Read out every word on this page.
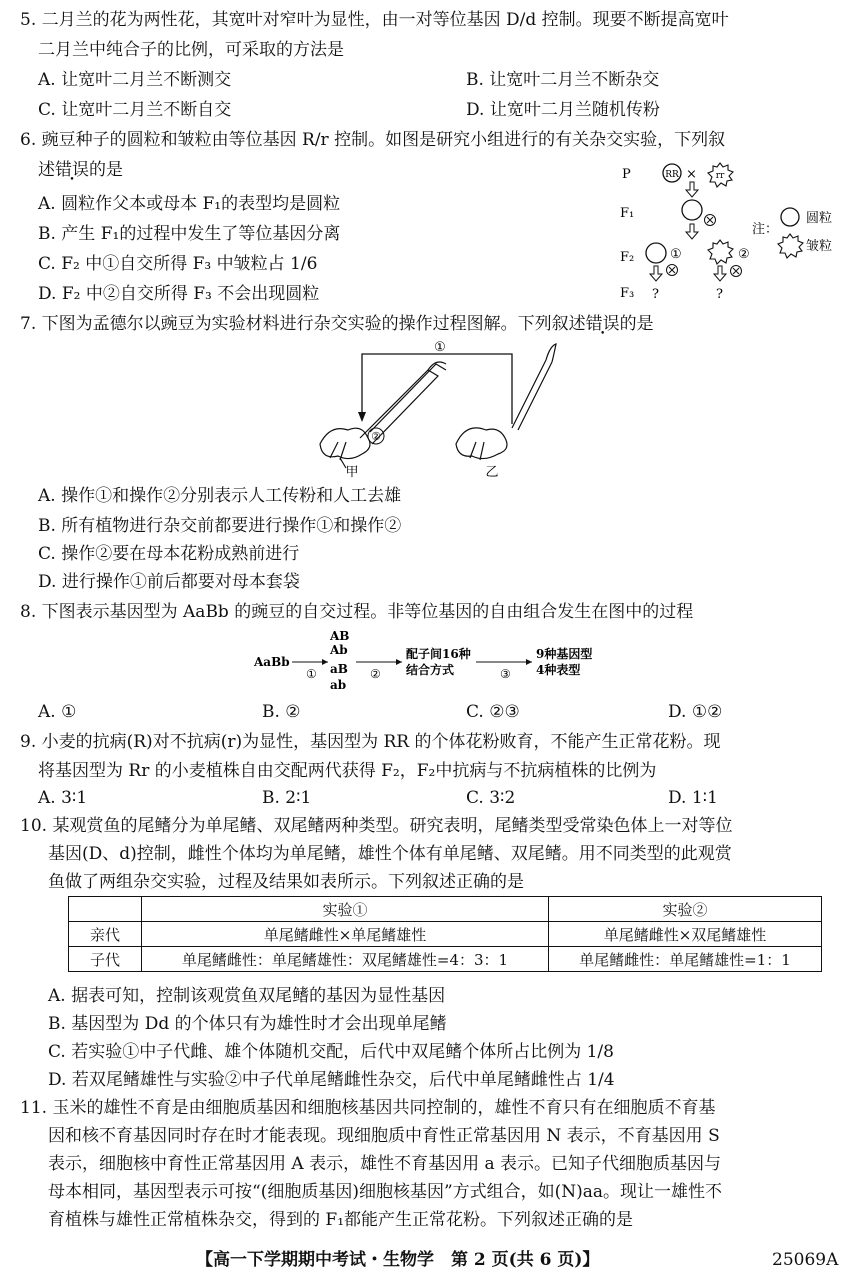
5. 二月兰的花为两性花，其宽叶对窄叶为显性，由一对等位基因 D/d 控制。现要不断提高宽叶
二月兰中纯合子的比例，可采取的方法是
A. 让宽叶二月兰不断测交	B. 让宽叶二月兰不断杂交
C. 让宽叶二月兰不断自交	D. 让宽叶二月兰随机传粉
6. 豌豆种子的圆粒和皱粒由等位基因 R/r 控制。如图是研究小组进行的有关杂交实验，下列叙
述错误的是
A. 圆粒作父本或母本 F₁的表型均是圆粒
B. 产生 F₁的过程中发生了等位基因分离
C. F₂ 中①自交所得 F₃ 中皱粒占 1/6
D. F₂ 中②自交所得 F₃ 不会出现圆粒
P
F₁
F₂
F₃
RR × rr
①	②
?	?
注：
圆粒
皱粒
7. 下图为孟德尔以豌豆为实验材料进行杂交实验的操作过程图解。下列叙述错误的是
①
②
甲	乙
A. 操作①和操作②分别表示人工传粉和人工去雄
B. 所有植物进行杂交前都要进行操作①和操作②
C. 操作②要在母本花粉成熟前进行
D. 进行操作①前后都要对母本套袋
8. 下图表示基因型为 AaBb 的豌豆的自交过程。非等位基因的自由组合发生在图中的过程
AaBb
AB
Ab
aB
ab
配子间16种
结合方式
9种基因型
4种表型
①	②	③
A. ①	B. ②	C. ②③	D. ①②
9. 小麦的抗病(R)对不抗病(r)为显性，基因型为 RR 的个体花粉败育，不能产生正常花粉。现
将基因型为 Rr 的小麦植株自由交配两代获得 F₂，F₂中抗病与不抗病植株的比例为
A. 3∶1	B. 2∶1	C. 3∶2	D. 1∶1
10. 某观赏鱼的尾鳍分为单尾鳍、双尾鳍两种类型。研究表明，尾鳍类型受常染色体上一对等位
基因(D、d)控制，雌性个体均为单尾鳍，雄性个体有单尾鳍、双尾鳍。用不同类型的此观赏
鱼做了两组杂交实验，过程及结果如表所示。下列叙述正确的是
	实验①	实验②
亲代	单尾鳍雌性×单尾鳍雄性	单尾鳍雌性×双尾鳍雄性
子代	单尾鳍雌性：单尾鳍雄性：双尾鳍雄性=4：3：1	单尾鳍雌性：单尾鳍雄性=1：1
A. 据表可知，控制该观赏鱼双尾鳍的基因为显性基因
B. 基因型为 Dd 的个体只有为雄性时才会出现单尾鳍
C. 若实验①中子代雌、雄个体随机交配，后代中双尾鳍个体所占比例为 1/8
D. 若双尾鳍雄性与实验②中子代单尾鳍雌性杂交，后代中单尾鳍雌性占 1/4
11. 玉米的雄性不育是由细胞质基因和细胞核基因共同控制的，雄性不育只有在细胞质不育基
因和核不育基因同时存在时才能表现。现细胞质中育性正常基因用 N 表示，不育基因用 S
表示，细胞核中育性正常基因用 A 表示，雄性不育基因用 a 表示。已知子代细胞质基因与
母本相同，基因型表示可按“(细胞质基因)细胞核基因”方式组合，如(N)aa。现让一雄性不
育植株与雄性正常植株杂交，得到的 F₁都能产生正常花粉。下列叙述正确的是
【高一下学期期中考试・生物学　第 2 页(共 6 页)】	25069A
